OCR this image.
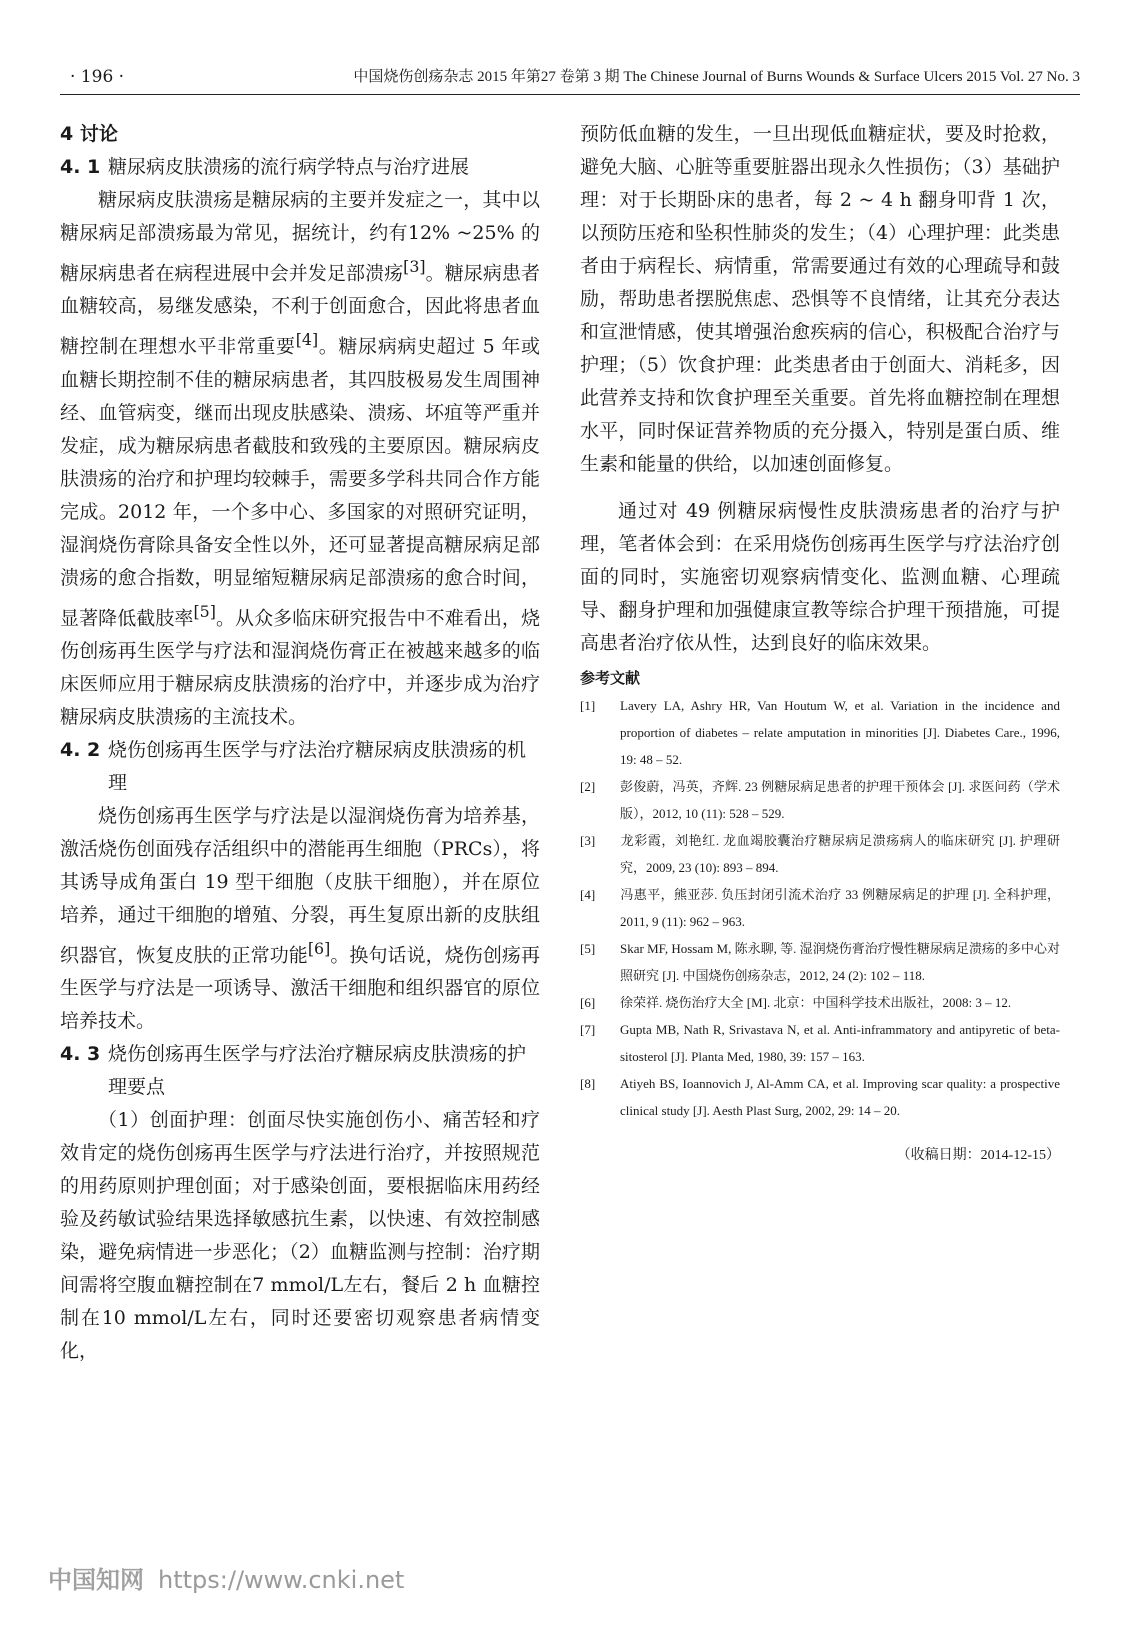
· 196 ·	中国烧伤创疡杂志 2015 年第27 卷第 3 期 The Chinese Journal of Burns Wounds & Surface Ulcers 2015 Vol. 27 No. 3
4 讨论
4. 1 糖尿病皮肤溃疡的流行病学特点与治疗进展

糖尿病皮肤溃疡是糖尿病的主要并发症之一，其中以糖尿病足部溃疡最为常见，据统计，约有12% ~25% 的糖尿病患者在病程进展中会并发足部溃疡[3]。糖尿病患者血糖较高，易继发感染，不利于创面愈合，因此将患者血糖控制在理想水平非常重要[4]。糖尿病病史超过 5 年或血糖长期控制不佳的糖尿病患者，其四肢极易发生周围神经、血管病变，继而出现皮肤感染、溃疡、坏疽等严重并发症，成为糖尿病患者截肢和致残的主要原因。糖尿病皮肤溃疡的治疗和护理均较棘手，需要多学科共同合作方能完成。2012 年，一个多中心、多国家的对照研究证明，湿润烧伤膏除具备安全性以外，还可显著提高糖尿病足部溃疡的愈合指数，明显缩短糖尿病足部溃疡的愈合时间，显著降低截肢率[5]。从众多临床研究报告中不难看出，烧伤创疡再生医学与疗法和湿润烧伤膏正在被越来越多的临床医师应用于糖尿病皮肤溃疡的治疗中，并逐步成为治疗糖尿病皮肤溃疡的主流技术。

4. 2 烧伤创疡再生医学与疗法治疗糖尿病皮肤溃疡的机理

烧伤创疡再生医学与疗法是以湿润烧伤膏为培养基，激活烧伤创面残存活组织中的潜能再生细胞（PRCs），将其诱导成角蛋白 19 型干细胞（皮肤干细胞），并在原位培养，通过干细胞的增殖、分裂，再生复原出新的皮肤组织器官，恢复皮肤的正常功能[6]。换句话说，烧伤创疡再生医学与疗法是一项诱导、激活干细胞和组织器官的原位培养技术。

4. 3 烧伤创疡再生医学与疗法治疗糖尿病皮肤溃疡的护理要点

（1）创面护理：创面尽快实施创伤小、痛苦轻和疗效肯定的烧伤创疡再生医学与疗法进行治疗，并按照规范的用药原则护理创面；对于感染创面，要根据临床用药经验及药敏试验结果选择敏感抗生素，以快速、有效控制感染，避免病情进一步恶化；（2）血糖监测与控制：治疗期间需将空腹血糖控制在7 mmol/L左右，餐后 2 h 血糖控制在10 mmol/L左右，同时还要密切观察患者病情变化，

预防低血糖的发生，一旦出现低血糖症状，要及时抢救，避免大脑、心脏等重要脏器出现永久性损伤；（3）基础护理：对于长期卧床的患者，每 2 ~ 4 h 翻身叩背 1 次，以预防压疮和坠积性肺炎的发生；（4）心理护理：此类患者由于病程长、病情重，常需要通过有效的心理疏导和鼓励，帮助患者摆脱焦虑、恐惧等不良情绪，让其充分表达和宣泄情感，使其增强治愈疾病的信心，积极配合治疗与护理；（5）饮食护理：此类患者由于创面大、消耗多，因此营养支持和饮食护理至关重要。首先将血糖控制在理想水平，同时保证营养物质的充分摄入，特别是蛋白质、维生素和能量的供给，以加速创面修复。

通过对 49 例糖尿病慢性皮肤溃疡患者的治疗与护理，笔者体会到：在采用烧伤创疡再生医学与疗法治疗创面的同时，实施密切观察病情变化、监测血糖、心理疏导、翻身护理和加强健康宣教等综合护理干预措施，可提高患者治疗依从性，达到良好的临床效果。

参考文献
[1] Lavery LA, Ashry HR, Van Houtum W, et al. Variation in the incidence and proportion of diabetes – relate amputation in minorities [J]. Diabetes Care., 1996, 19: 48 – 52.
[2] 彭俊蔚，冯英，齐辉. 23 例糖尿病足患者的护理干预体会 [J]. 求医问药（学术版），2012, 10 (11): 528 – 529.
[3] 龙彩霞，刘艳红. 龙血竭胶囊治疗糖尿病足溃疡病人的临床研究 [J]. 护理研究，2009, 23 (10): 893 – 894.
[4] 冯惠平，熊亚莎. 负压封闭引流术治疗 33 例糖尿病足的护理 [J]. 全科护理，2011, 9 (11): 962 – 963.
[5] Skar MF, Hossam M, 陈永聊, 等. 湿润烧伤膏治疗慢性糖尿病足溃疡的多中心对照研究 [J]. 中国烧伤创疡杂志，2012, 24 (2): 102 – 118.
[6] 徐荣祥. 烧伤治疗大全 [M]. 北京：中国科学技术出版社，2008: 3 – 12.
[7] Gupta MB, Nath R, Srivastava N, et al. Anti-inframmatory and antipyretic of beta-sitosterol [J]. Planta Med, 1980, 39: 157 – 163.
[8] Atiyeh BS, Ioannovich J, Al-Amm CA, et al. Improving scar quality: a prospective clinical study [J]. Aesth Plast Surg, 2002, 29: 14 – 20.
（收稿日期：2014-12-15）
中国知网 https://www.cnki.net
